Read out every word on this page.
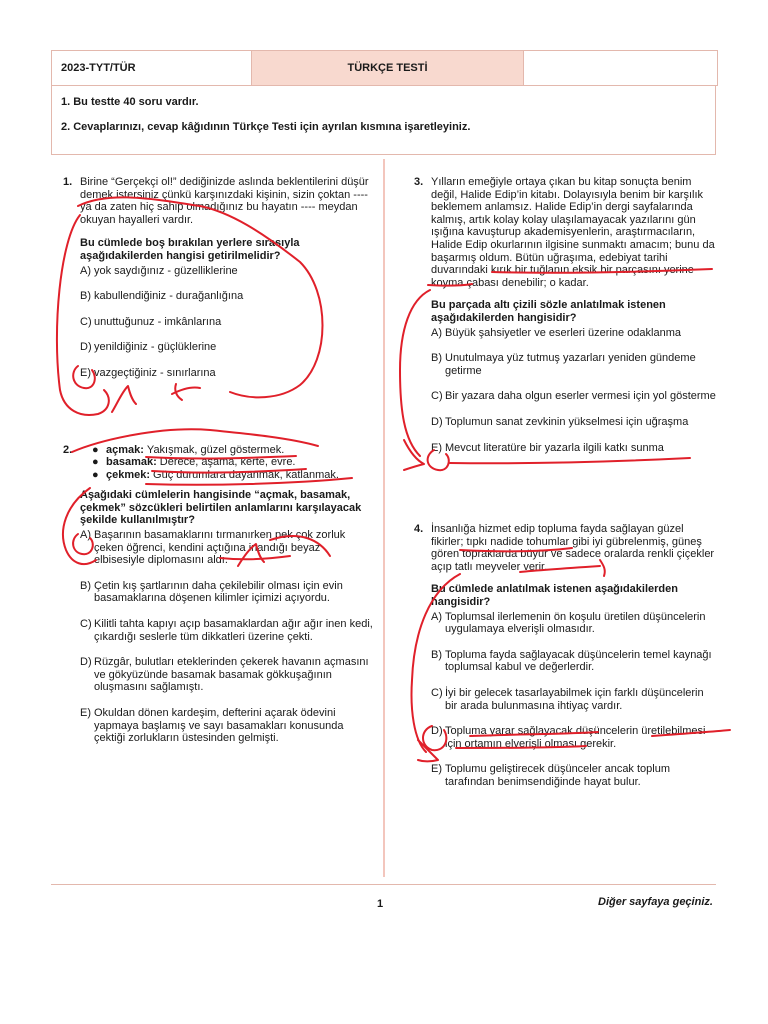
2023-TYT/TÜR	TÜRKÇE TESTİ
1. Bu testte 40 soru vardır.
2. Cevaplarınızı, cevap kâğıdının Türkçe Testi için ayrılan kısmına işaretleyiniz.
1. Birine “Gerçekçi ol!” dediğinizde aslında beklentilerini düşür demek istersiniz çünkü karşınızdaki kişinin, sizin çoktan ---- ya da zaten hiç sahip olmadığınız bu hayatın ---- meydan okuyan hayalleri vardır.
Bu cümlede boş bırakılan yerlere sırasıyla aşağıdakilerden hangisi getirilmelidir?
A) yok saydığınız - güzelliklerine
B) kabullendiğiniz - durağanlığına
C) unuttuğunuz - imkânlarına
D) yenildiğiniz - güçlüklerine
E) vazgeçtiğiniz - sınırlarına
2. ● açmak: Yakışmak, güzel göstermek.
● basamak: Derece, aşama, kerte, evre.
● çekmek: Güç durumlara dayanmak, katlanmak.
Aşağıdaki cümlelerin hangisinde “açmak, basamak, çekmek” sözcükleri belirtilen anlamlarını karşılayacak şekilde kullanılmıştır?
A) Başarının basamaklarını tırmanırken pek çok zorluk çeken öğrenci, kendini açtığına inandığı beyaz elbisesiyle diplomasını aldı.
B) Çetin kış şartlarının daha çekilebilir olması için evin basamaklarına döşenen kilimler içimizi açıyordu.
C) Kilitli tahta kapıyı açıp basamaklardan ağır ağır inen kedi, çıkardığı seslerle tüm dikkatleri üzerine çekti.
D) Rüzgâr, bulutları eteklerinden çekerek havanın açmasını ve gökyüzünde basamak basamak gökkuşağının oluşmasını sağlamıştı.
E) Okuldan dönen kardeşim, defterini açarak ödevini yapmaya başlamış ve sayı basamakları konusunda çektiği zorlukların üstesinden gelmişti.
3. Yılların emeğiyle ortaya çıkan bu kitap sonuçta benim değil, Halide Edip’in kitabı. Dolayısıyla benim bir karşılık beklemem anlamsız. Halide Edip’in dergi sayfalarında kalmış, artık kolay kolay ulaşılamayacak yazılarını gün ışığına kavuşturup akademisyenlerin, araştırmacıların, Halide Edip okurlarının ilgisine sunmaktı amacım; bunu da başarmış oldum. Bütün uğraşıma, edebiyat tarihi duvarındaki kırık bir tuğlanın eksik bir parçasını yerine koyma çabası denebilir; o kadar.
Bu parçada altı çizili sözle anlatılmak istenen aşağıdakilerden hangisidir?
A) Büyük şahsiyetler ve eserleri üzerine odaklanma
B) Unutulmaya yüz tutmuş yazarları yeniden gündeme getirme
C) Bir yazara daha olgun eserler vermesi için yol gösterme
D) Toplumun sanat zevkinin yükselmesi için uğraşma
E) Mevcut literatüre bir yazarla ilgili katkı sunma
4. İnsanlığa hizmet edip topluma fayda sağlayan güzel fikirler; tıpkı nadide tohumlar gibi iyi gübrelenmiş, güneş gören topraklarda büyür ve sadece oralarda renkli çiçekler açıp tatlı meyveler verir.
Bu cümlede anlatılmak istenen aşağıdakilerden hangisidir?
A) Toplumsal ilerlemenin ön koşulu üretilen düşüncelerin uygulamaya elverişli olmasıdır.
B) Topluma fayda sağlayacak düşüncelerin temel kaynağı toplumsal kabul ve değerlerdir.
C) İyi bir gelecek tasarlayabilmek için farklı düşüncelerin bir arada bulunmasına ihtiyaç vardır.
D) Topluma yarar sağlayacak düşüncelerin üretilebilmesi için ortamın elverişli olması gerekir.
E) Toplumu geliştirecek düşünceler ancak toplum tarafından benimsendiğinde hayat bulur.
1	Diğer sayfaya geçiniz.
